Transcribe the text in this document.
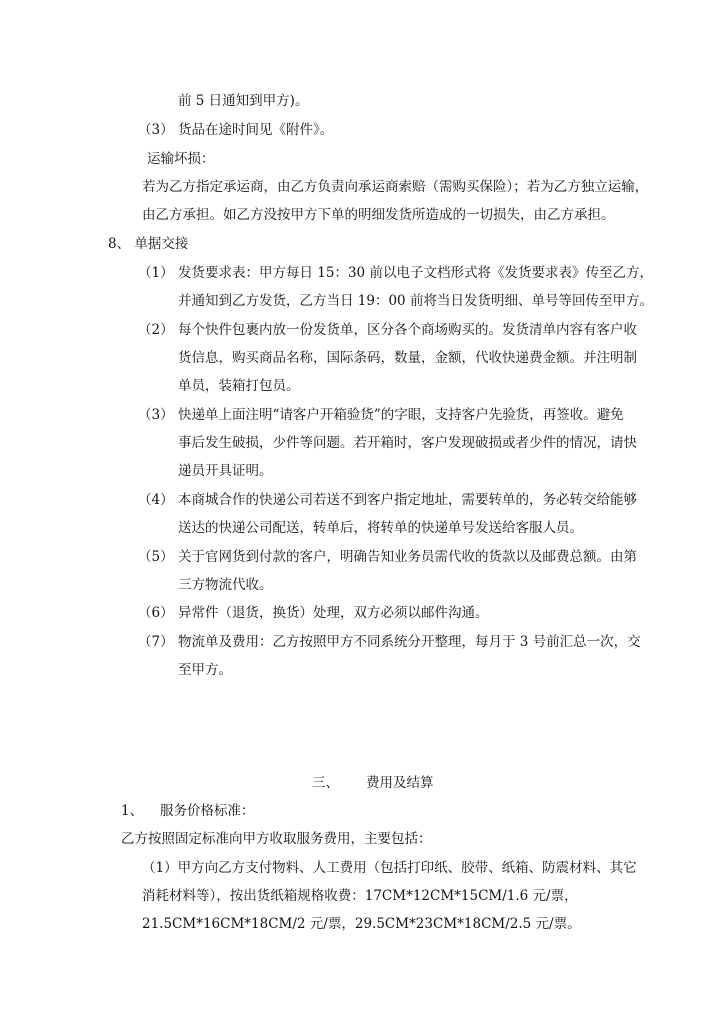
前 5 日通知到甲方)。
（3） 货品在途时间见《附件》。
运输坏损：
若为乙方指定承运商，由乙方负责向承运商索赔（需购买保险）；若为乙方独立运输，
由乙方承担。如乙方没按甲方下单的明细发货所造成的一切损失，由乙方承担。
8、 单据交接
（1） 发货要求表：甲方每日 15：30 前以电子文档形式将《发货要求表》传至乙方，
并通知到乙方发货，乙方当日 19：00 前将当日发货明细、单号等回传至甲方。
（2） 每个快件包裹内放一份发货单，区分各个商场购买的。发货清单内容有客户收
货信息，购买商品名称，国际条码，数量，金额，代收快递费金额。并注明制
单员，装箱打包员。
（3） 快递单上面注明“请客户开箱验货”的字眼，支持客户先验货，再签收。避免
事后发生破损，少件等问题。若开箱时，客户发现破损或者少件的情况，请快
递员开具证明。
（4） 本商城合作的快递公司若送不到客户指定地址，需要转单的，务必转交给能够
送达的快递公司配送，转单后，将转单的快递单号发送给客服人员。
（5） 关于官网货到付款的客户，明确告知业务员需代收的货款以及邮费总额。由第
三方物流代收。
（6） 异常件（退货，换货）处理，双方必须以邮件沟通。
（7） 物流单及费用：乙方按照甲方不同系统分开整理，每月于 3 号前汇总一次，交
至甲方。
三、 费用及结算
1、 服务价格标准：
乙方按照固定标准向甲方收取服务费用，主要包括：
（1）甲方向乙方支付物料、人工费用（包括打印纸、胶带、纸箱、防震材料、其它
消耗材料等），按出货纸箱规格收费：17CM*12CM*15CM/1.6 元/票，
21.5CM*16CM*18CM/2 元/票，29.5CM*23CM*18CM/2.5 元/票。
